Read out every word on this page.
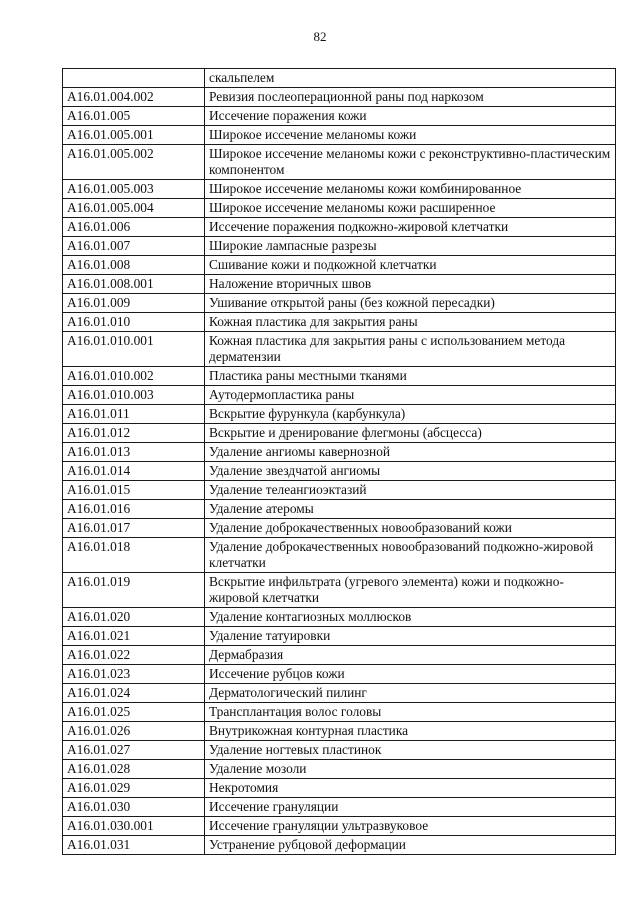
82
	скальпелем
A16.01.004.002	Ревизия послеоперационной раны под наркозом
A16.01.005	Иссечение поражения кожи
A16.01.005.001	Широкое иссечение меланомы кожи
A16.01.005.002	Широкое иссечение меланомы кожи с реконструктивно-пластическим компонентом
A16.01.005.003	Широкое иссечение меланомы кожи комбинированное
A16.01.005.004	Широкое иссечение меланомы кожи расширенное
A16.01.006	Иссечение поражения подкожно-жировой клетчатки
A16.01.007	Широкие лампасные разрезы
A16.01.008	Сшивание кожи и подкожной клетчатки
A16.01.008.001	Наложение вторичных швов
A16.01.009	Ушивание открытой раны (без кожной пересадки)
A16.01.010	Кожная пластика для закрытия раны
A16.01.010.001	Кожная пластика для закрытия раны с использованием метода дерматензии
A16.01.010.002	Пластика раны местными тканями
A16.01.010.003	Аутодермопластика раны
A16.01.011	Вскрытие фурункула (карбункула)
A16.01.012	Вскрытие и дренирование флегмоны (абсцесса)
A16.01.013	Удаление ангиомы кавернозной
A16.01.014	Удаление звездчатой ангиомы
A16.01.015	Удаление телеангиоэктазий
A16.01.016	Удаление атеромы
A16.01.017	Удаление доброкачественных новообразований кожи
A16.01.018	Удаление доброкачественных новообразований подкожно-жировой клетчатки
A16.01.019	Вскрытие инфильтрата (угревого элемента) кожи и подкожно-жировой клетчатки
A16.01.020	Удаление контагиозных моллюсков
A16.01.021	Удаление татуировки
A16.01.022	Дермабразия
A16.01.023	Иссечение рубцов кожи
A16.01.024	Дерматологический пилинг
A16.01.025	Трансплантация волос головы
A16.01.026	Внутрикожная контурная пластика
A16.01.027	Удаление ногтевых пластинок
A16.01.028	Удаление мозоли
A16.01.029	Некротомия
A16.01.030	Иссечение грануляции
A16.01.030.001	Иссечение грануляции ультразвуковое
A16.01.031	Устранение рубцовой деформации
